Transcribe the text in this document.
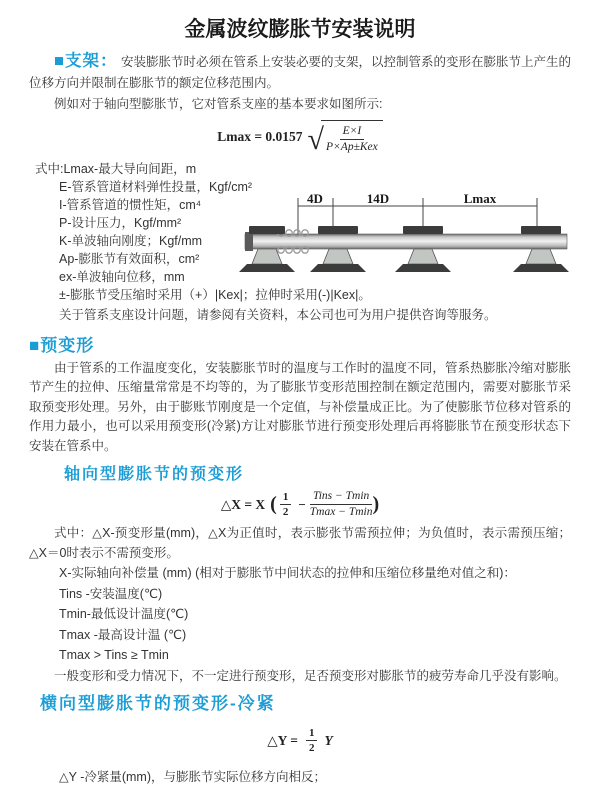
金属波纹膨胀节安装说明

■支架： 安装膨胀节时必须在管系上安装必要的支架，以控制管系的变形在膨胀节上产生的位移方向并限制在膨胀节的额定位移范围内。

例如对于轴向型膨胀节，它对管系支座的基本要求如图所示:

Lmax = 0.0157 √ $\frac{E\times I}{\text{P×Ap±Kex}}$
式中:Lmax-最大导向间距，m
E-管系管道材料弹性投量，Kgf/cm²
I-管系管道的惯性矩，cm⁴
P-设计压力，Kgf/mm²
K-单波轴向刚度；Kgf/mm
Ap-膨胀节有效面积，cm²
ex-单波轴向位移，mm
±-膨胀节受压缩时采用（+）|Kex|；拉伸时采用(-)|Kex|。
关于管系支座设计问题，请参阅有关资料，本公司也可为用户提供咨询等服务。
4D	14D	Lmax
■预变形

由于管系的工作温度变化，安装膨胀节时的温度与工作时的温度不同，管系热膨胀冷缩对膨胀节产生的拉伸、压缩量常常是不均等的，为了膨胀节变形范围控制在额定范围内，需要对膨胀节采取预变形处理。另外，由于膨账节刚度是一个定值，与补偿量成正比。为了使膨胀节位移对管系的作用力最小，也可以采用预变形(冷紧)方让对膨胀节进行预变形处理后再将膨胀节在预变形状态下安装在管系中。

轴向型膨胀节的预变形
△X = X ( $\frac{1}{2} - \frac{\text{Tins − Tmin}}{Tmax - Tmin}$ )

式中：△X-预变形量(mm)，△X为正值时，表示膨张节需预拉伸；为负值时，表示需预压缩；△X＝0时表示不需预变形。

X-实际轴向补偿量 (mm) (相对于膨胀节中间状态的拉伸和压缩位移量绝对值之和)：
Tins -安装温度(℃)
Tmin-最低设计温度(℃)
Tmax -最高设计温 (℃)
Tmax > Tins ≥ Tmin

一般变形和受力情况下，不一定进行预变形，足否预变形对膨胀节的疲劳寿命几乎没有影响。

横向型膨胀节的预变形-冷紧
△Y = $\frac{1}{2}$ Y
△Y -冷紧量(mm)，与膨胀节实际位移方向相反；
